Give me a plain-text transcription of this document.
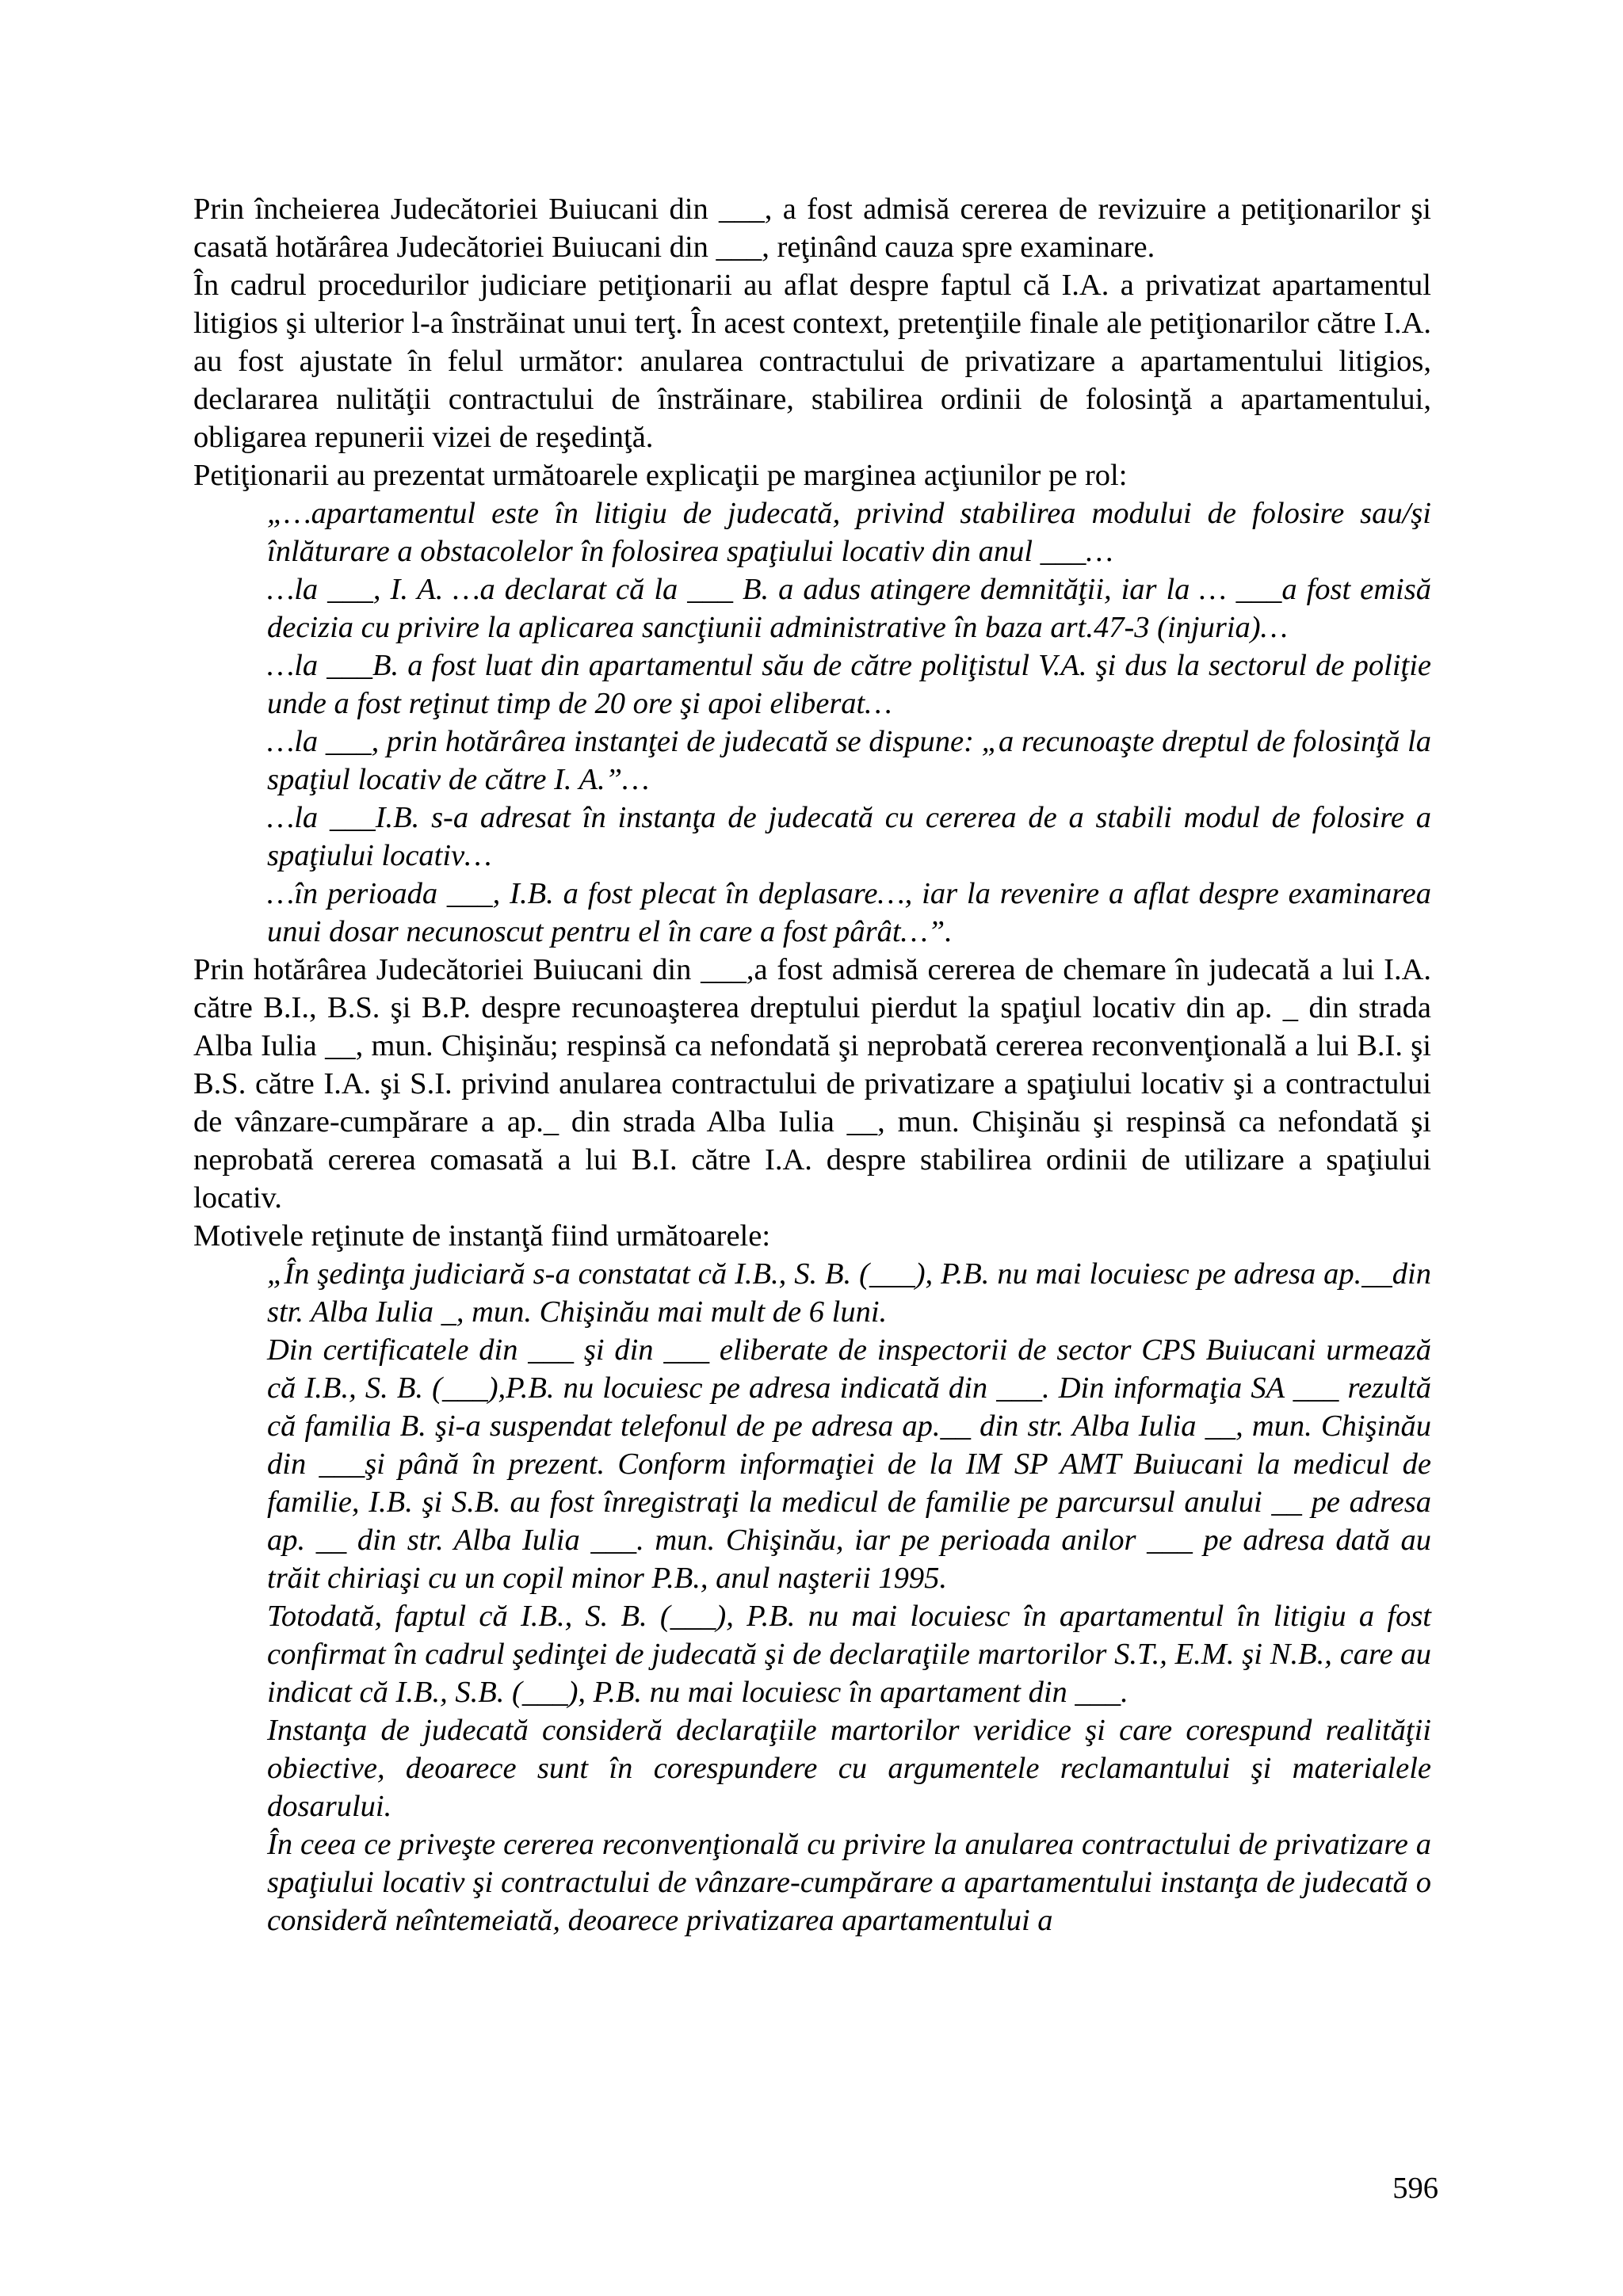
Prin încheierea Judecătoriei Buiucani din ___, a fost admisă cererea de revizuire a petiţionarilor şi casată hotărârea Judecătoriei Buiucani din ___, reţinând cauza spre examinare.

În cadrul procedurilor judiciare petiţionarii au aflat despre faptul că I.A. a privatizat apartamentul litigios şi ulterior l-a înstrăinat unui terţ. În acest context, pretenţiile finale ale petiţionarilor către I.A. au fost ajustate în felul următor: anularea contractului de privatizare a apartamentului litigios, declararea nulităţii contractului de înstrăinare, stabilirea ordinii de folosinţă a apartamentului, obligarea repunerii vizei de reşedinţă.

Petiţionarii au prezentat următoarele explicaţii pe marginea acţiunilor pe rol:

„…apartamentul este în litigiu de judecată, privind stabilirea modului de folosire sau/şi înlăturare a obstacolelor în folosirea spaţiului locativ din anul ___…

…la ___, I. A. …a declarat că la ___ B. a adus atingere demnităţii, iar la … ___a fost emisă decizia cu privire la aplicarea sancţiunii administrative în baza art.47-3 (injuria)…

…la ___B. a fost luat din apartamentul său de către poliţistul V.A. şi dus la sectorul de poliţie unde a fost reţinut timp de 20 ore şi apoi eliberat…

…la ___, prin hotărârea instanţei de judecată se dispune: „a recunoaşte dreptul de folosinţă la spaţiul locativ de către I. A.”…

…la ___I.B. s-a adresat în instanţa de judecată cu cererea de a stabili modul de folosire a spaţiului locativ…

…în perioada ___, I.B. a fost plecat în deplasare…, iar la revenire a aflat despre examinarea unui dosar necunoscut pentru el în care a fost pârât…”.

Prin hotărârea Judecătoriei Buiucani din ___,a fost admisă cererea de chemare în judecată a lui I.A. către B.I., B.S. şi B.P. despre recunoaşterea dreptului pierdut la spaţiul locativ din ap. _ din strada Alba Iulia __, mun. Chişinău; respinsă ca nefondată şi neprobată cererea reconvenţională a lui B.I. şi B.S. către I.A. şi S.I. privind anularea contractului de privatizare a spaţiului locativ şi a contractului de vânzare-cumpărare a ap._ din strada Alba Iulia __, mun. Chişinău şi respinsă ca nefondată şi neprobată cererea comasată a lui B.I. către I.A. despre stabilirea ordinii de utilizare a spaţiului locativ.

Motivele reţinute de instanţă fiind următoarele:

„În şedinţa judiciară s-a constatat că I.B., S. B. (___), P.B. nu mai locuiesc pe adresa ap.__din str. Alba Iulia _, mun. Chişinău mai mult de 6 luni.

Din certificatele din ___ şi din ___ eliberate de inspectorii de sector CPS Buiucani urmează că I.B., S. B. (___),P.B. nu locuiesc pe adresa indicată din ___. Din informaţia SA ___ rezultă că familia B. şi-a suspendat telefonul de pe adresa ap.__ din str. Alba Iulia __, mun. Chişinău din ___şi până în prezent. Conform informaţiei de la IM SP AMT Buiucani la medicul de familie, I.B. şi S.B. au fost înregistraţi la medicul de familie pe parcursul anului __ pe adresa ap. __ din str. Alba Iulia ___. mun. Chişinău, iar pe perioada anilor ___ pe adresa dată au trăit chiriaşi cu un copil minor P.B., anul naşterii 1995.

Totodată, faptul că I.B., S. B. (___), P.B. nu mai locuiesc în apartamentul în litigiu a fost confirmat în cadrul şedinţei de judecată şi de declaraţiile martorilor S.T., E.M. şi N.B., care au indicat că I.B., S.B. (___), P.B. nu mai locuiesc în apartament din ___.

Instanţa de judecată consideră declaraţiile martorilor veridice şi care corespund realităţii obiective, deoarece sunt în corespundere cu argumentele reclamantului şi materialele dosarului.

În ceea ce priveşte cererea reconvenţională cu privire la anularea contractului de privatizare a spaţiului locativ şi contractului de vânzare-cumpărare a apartamentului instanţa de judecată o consideră neîntemeiată, deoarece privatizarea apartamentului a

596
